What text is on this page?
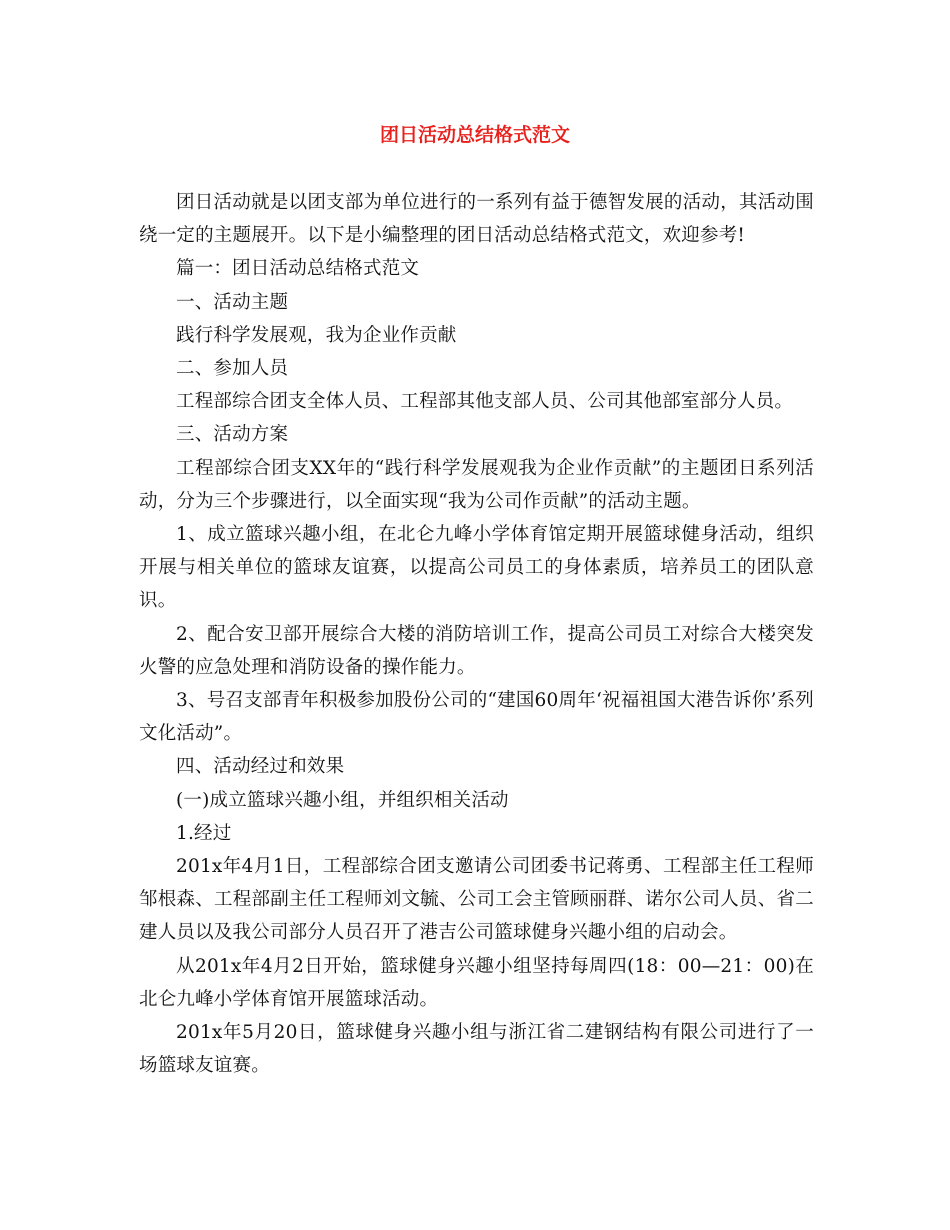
团日活动总结格式范文

团日活动就是以团支部为单位进行的一系列有益于德智发展的活动，其活动围绕一定的主题展开。以下是小编整理的团日活动总结格式范文，欢迎参考!

篇一：团日活动总结格式范文

一、活动主题

践行科学发展观，我为企业作贡献

二、参加人员

工程部综合团支全体人员、工程部其他支部人员、公司其他部室部分人员。

三、活动方案

工程部综合团支XX年的“践行科学发展观我为企业作贡献”的主题团日系列活动，分为三个步骤进行，以全面实现“我为公司作贡献”的活动主题。

1、成立篮球兴趣小组，在北仑九峰小学体育馆定期开展篮球健身活动，组织开展与相关单位的篮球友谊赛，以提高公司员工的身体素质，培养员工的团队意识。

2、配合安卫部开展综合大楼的消防培训工作，提高公司员工对综合大楼突发火警的应急处理和消防设备的操作能力。

3、号召支部青年积极参加股份公司的“建国60周年‘祝福祖国大港告诉你’系列文化活动”。

四、活动经过和效果

(一)成立篮球兴趣小组，并组织相关活动

1.经过

201x年4月1日，工程部综合团支邀请公司团委书记蒋勇、工程部主任工程师邹根森、工程部副主任工程师刘文毓、公司工会主管顾丽群、诺尔公司人员、省二建人员以及我公司部分人员召开了港吉公司篮球健身兴趣小组的启动会。

从201x年4月2日开始，篮球健身兴趣小组坚持每周四(18：00—21：00)在北仑九峰小学体育馆开展篮球活动。

201x年5月20日，篮球健身兴趣小组与浙江省二建钢结构有限公司进行了一场篮球友谊赛。
